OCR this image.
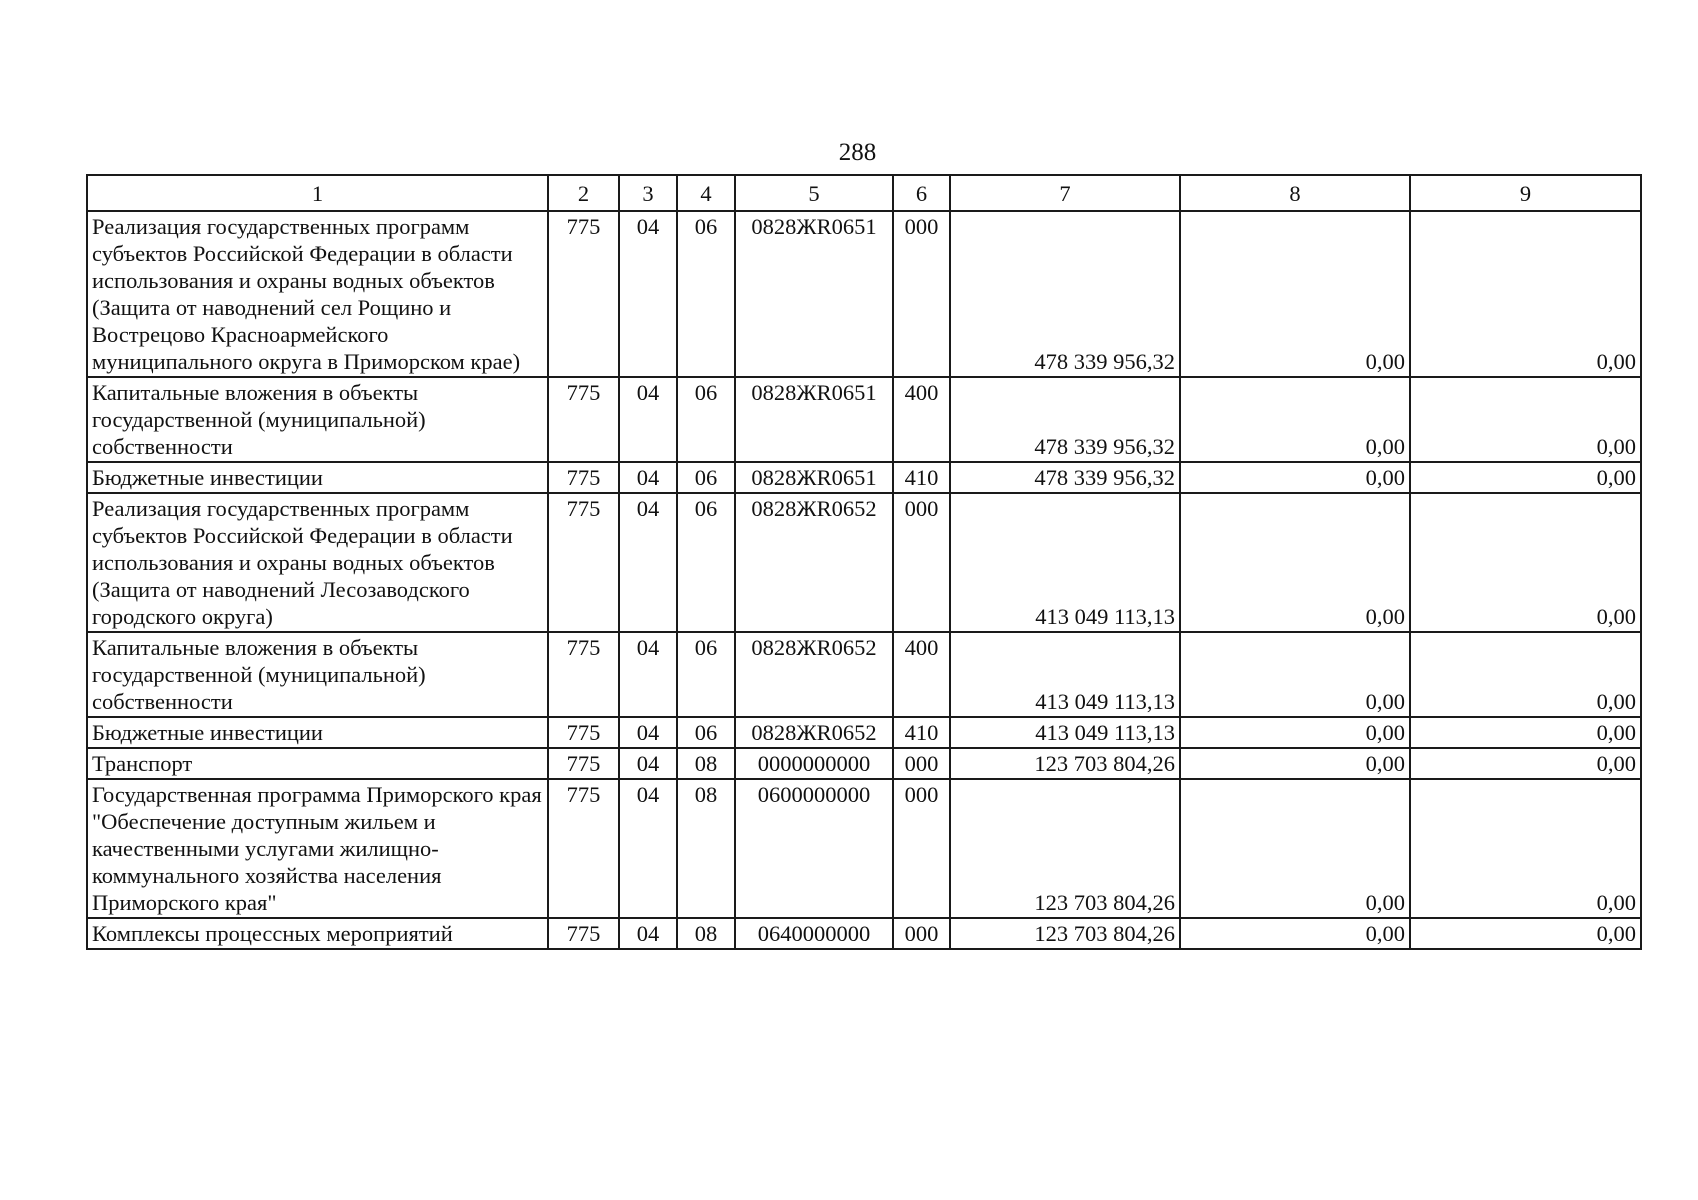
288
1	2	3	4	5	6	7	8	9
Реализация государственных программ субъектов Российской Федерации в области использования и охраны водных объектов (Защита от наводнений сел Рощино и Вострецово Красноармейского муниципального округа в Приморском крае)	775	04	06	0828ЖR0651	000	478 339 956,32	0,00	0,00
Капитальные вложения в объекты государственной (муниципальной) собственности	775	04	06	0828ЖR0651	400	478 339 956,32	0,00	0,00
Бюджетные инвестиции	775	04	06	0828ЖR0651	410	478 339 956,32	0,00	0,00
Реализация государственных программ субъектов Российской Федерации в области использования и охраны водных объектов (Защита от наводнений Лесозаводского городского округа)	775	04	06	0828ЖR0652	000	413 049 113,13	0,00	0,00
Капитальные вложения в объекты государственной (муниципальной) собственности	775	04	06	0828ЖR0652	400	413 049 113,13	0,00	0,00
Бюджетные инвестиции	775	04	06	0828ЖR0652	410	413 049 113,13	0,00	0,00
Транспорт	775	04	08	0000000000	000	123 703 804,26	0,00	0,00
Государственная программа Приморского края "Обеспечение доступным жильем и качественными услугами жилищно-коммунального хозяйства населения Приморского края"	775	04	08	0600000000	000	123 703 804,26	0,00	0,00
Комплексы процессных мероприятий	775	04	08	0640000000	000	123 703 804,26	0,00	0,00
